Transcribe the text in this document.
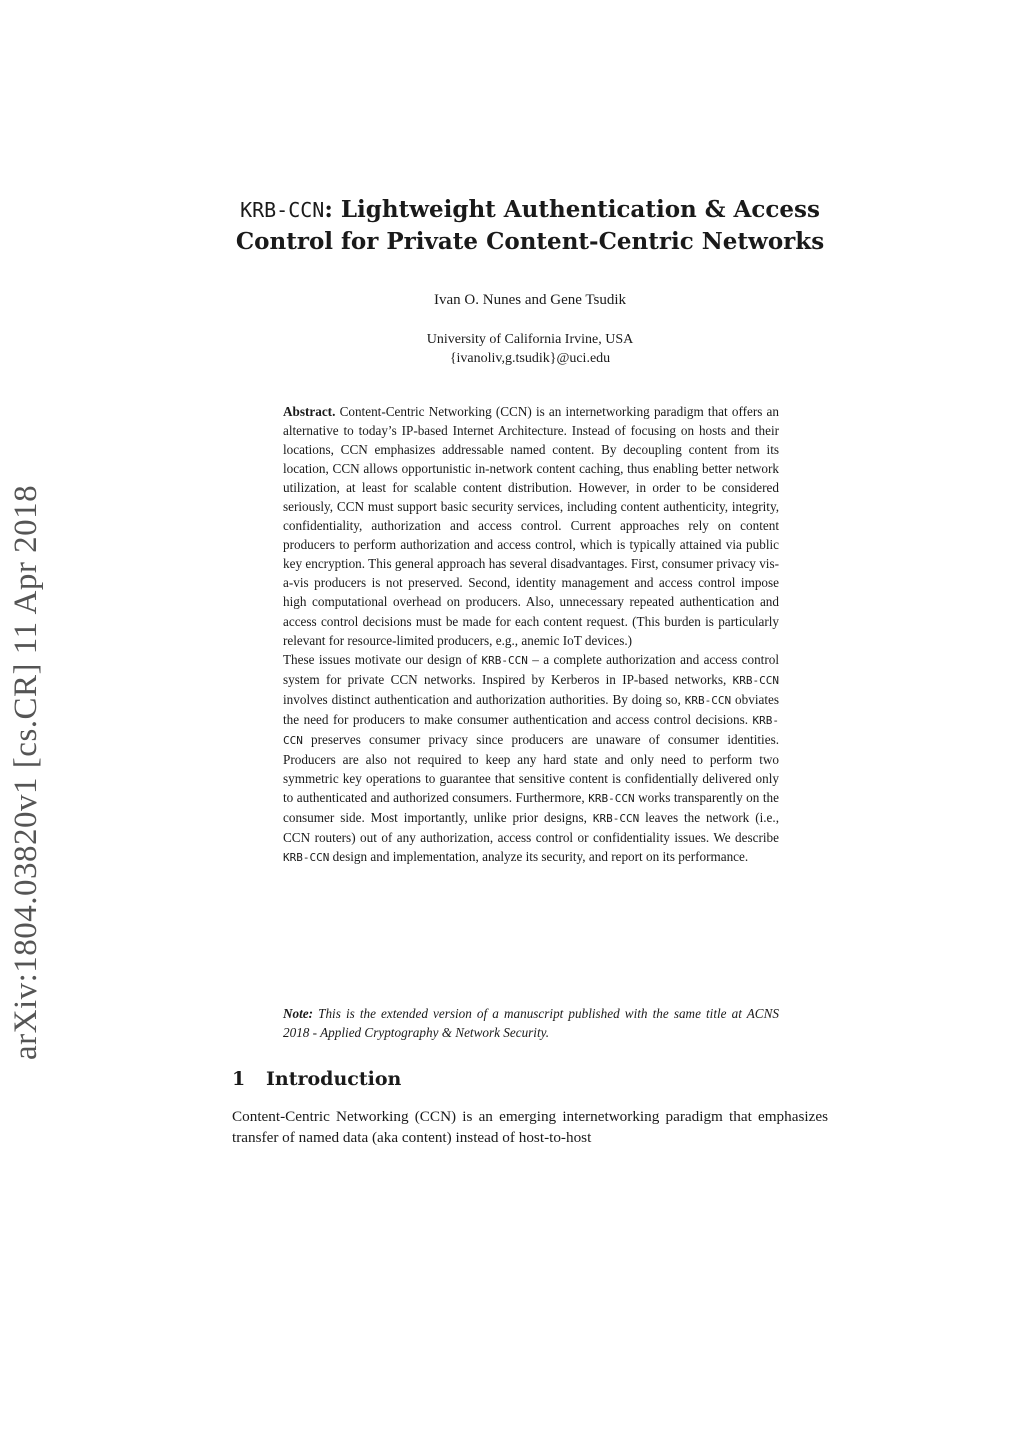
arXiv:1804.03820v1 [cs.CR] 11 Apr 2018
KRB-CCN: Lightweight Authentication & Access
Control for Private Content-Centric Networks
Ivan O. Nunes and Gene Tsudik
University of California Irvine, USA
{ivanoliv,g.tsudik}@uci.edu

Abstract. Content-Centric Networking (CCN) is an internetworking paradigm that offers an alternative to today’s IP-based Internet Architecture. Instead of focusing on hosts and their locations, CCN emphasizes addressable named content. By decoupling content from its location, CCN allows opportunistic in-network content caching, thus enabling better network utilization, at least for scalable content distribution. However, in order to be considered seriously, CCN must support basic security services, including content authenticity, integrity, confidentiality, authorization and access control. Current approaches rely on content producers to perform authorization and access control, which is typically attained via public key encryption. This general approach has several disadvantages. First, consumer privacy vis-a-vis producers is not preserved. Second, identity management and access control impose high computational overhead on producers. Also, unnecessary repeated authentication and access control decisions must be made for each content request. (This burden is particularly relevant for resource-limited producers, e.g., anemic IoT devices.)

These issues motivate our design of KRB-CCN – a complete authorization and access control system for private CCN networks. Inspired by Kerberos in IP-based networks, KRB-CCN involves distinct authentication and authorization authorities. By doing so, KRB-CCN obviates the need for producers to make consumer authentication and access control decisions. KRB-CCN preserves consumer privacy since producers are unaware of consumer identities. Producers are also not required to keep any hard state and only need to perform two symmetric key operations to guarantee that sensitive content is confidentially delivered only to authenticated and authorized consumers. Furthermore, KRB-CCN works transparently on the consumer side. Most importantly, unlike prior designs, KRB-CCN leaves the network (i.e., CCN routers) out of any authorization, access control or confidentiality issues. We describe KRB-CCN design and implementation, analyze its security, and report on its performance.

Note: This is the extended version of a manuscript published with the same title at ACNS 2018 - Applied Cryptography & Network Security.
1 Introduction

Content-Centric Networking (CCN) is an emerging internetworking paradigm that emphasizes transfer of named data (aka content) instead of host-to-host
